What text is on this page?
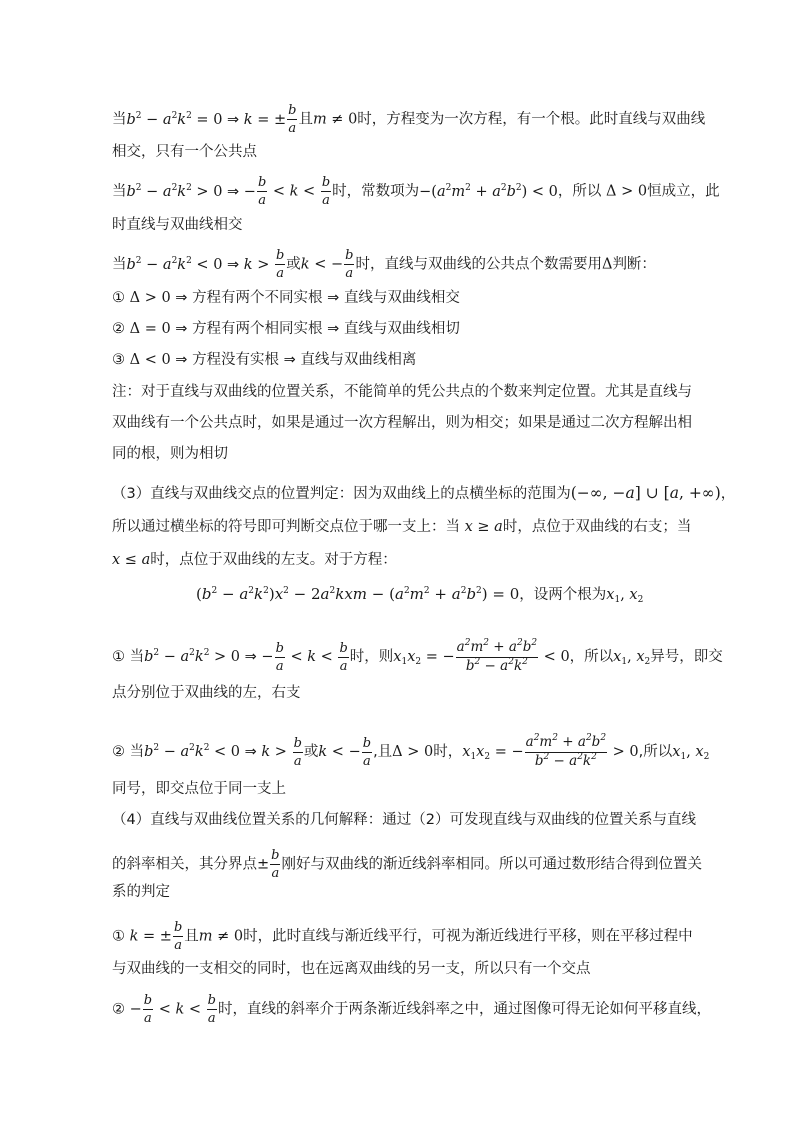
当$b^2 - a^2k^2 = 0$ ⇒ k = ± $\frac{b}{a}$ 且m ≠ 0时，方程变为一次方程，有一个根。此时直线与双曲线
相交，只有一个公共点
当$b^2 - a^2k^2 > 0$ ⇒ − $\frac{b}{a} < k < \frac{b}{a}$ 时，常数项为$-(a^2m^2 + a^2b^2) < 0$，所以 Δ > 0恒成立，此
时直线与双曲线相交
当$b^2 - a^2k^2 < 0$ ⇒ $k > \frac{b}{a}$ 或k < − $\frac{b}{a}$ 时，直线与双曲线的公共点个数需要用Δ判断：
① Δ > 0 ⇒ 方程有两个不同实根 ⇒ 直线与双曲线相交
② Δ = 0 ⇒ 方程有两个相同实根 ⇒ 直线与双曲线相切
③ Δ < 0 ⇒ 方程没有实根 ⇒ 直线与双曲线相离
注：对于直线与双曲线的位置关系，不能简单的凭公共点的个数来判定位置。尤其是直线与
双曲线有一个公共点时，如果是通过一次方程解出，则为相交；如果是通过二次方程解出相
同的根，则为相切
（3）直线与双曲线交点的位置判定：因为双曲线上的点横坐标的范围为(−∞, −a] ∪ [a, +∞)，
所以通过横坐标的符号即可判断交点位于哪一支上：当 x ≥ a时，点位于双曲线的右支；当
x ≤ a时，点位于双曲线的左支。对于方程：
$(b^2 - a^2k^2)x^2 - 2a^2kxm - (a^2m^2 + a^2b^2) = 0$，设两个根为$x_1$, $x_2$
① 当$b^2 - a^2k^2 > 0$ ⇒ − $\frac{b}{a} < k < \frac{b}{a}$ 时，则$x_1x_2$ = − $\frac{a^2m^2 + a^2b^2}{b^2 - a^2k^2} < 0$，所以$x_1$, $x_2$异号，即交
点分别位于双曲线的左，右支
② 当$b^2 - a^2k^2 < 0$ ⇒ $k > \frac{b}{a}$ 或k < − $\frac{b}{a}$ ,且Δ > 0时，$x_1x_2$ = − $\frac{a^2m^2 + a^2b^2}{b^2 - a^2k^2} > 0$,所以$x_1$, $x_2$
同号，即交点位于同一支上
（4）直线与双曲线位置关系的几何解释：通过（2）可发现直线与双曲线的位置关系与直线
的斜率相关，其分界点± $\frac{b}{a}$ 刚好与双曲线的渐近线斜率相同。所以可通过数形结合得到位置关
系的判定
① k = ± $\frac{b}{a}$ 且m ≠ 0时，此时直线与渐近线平行，可视为渐近线进行平移，则在平移过程中
与双曲线的一支相交的同时，也在远离双曲线的另一支，所以只有一个交点
② − $\frac{b}{a} < k < \frac{b}{a}$ 时，直线的斜率介于两条渐近线斜率之中，通过图像可得无论如何平移直线，
